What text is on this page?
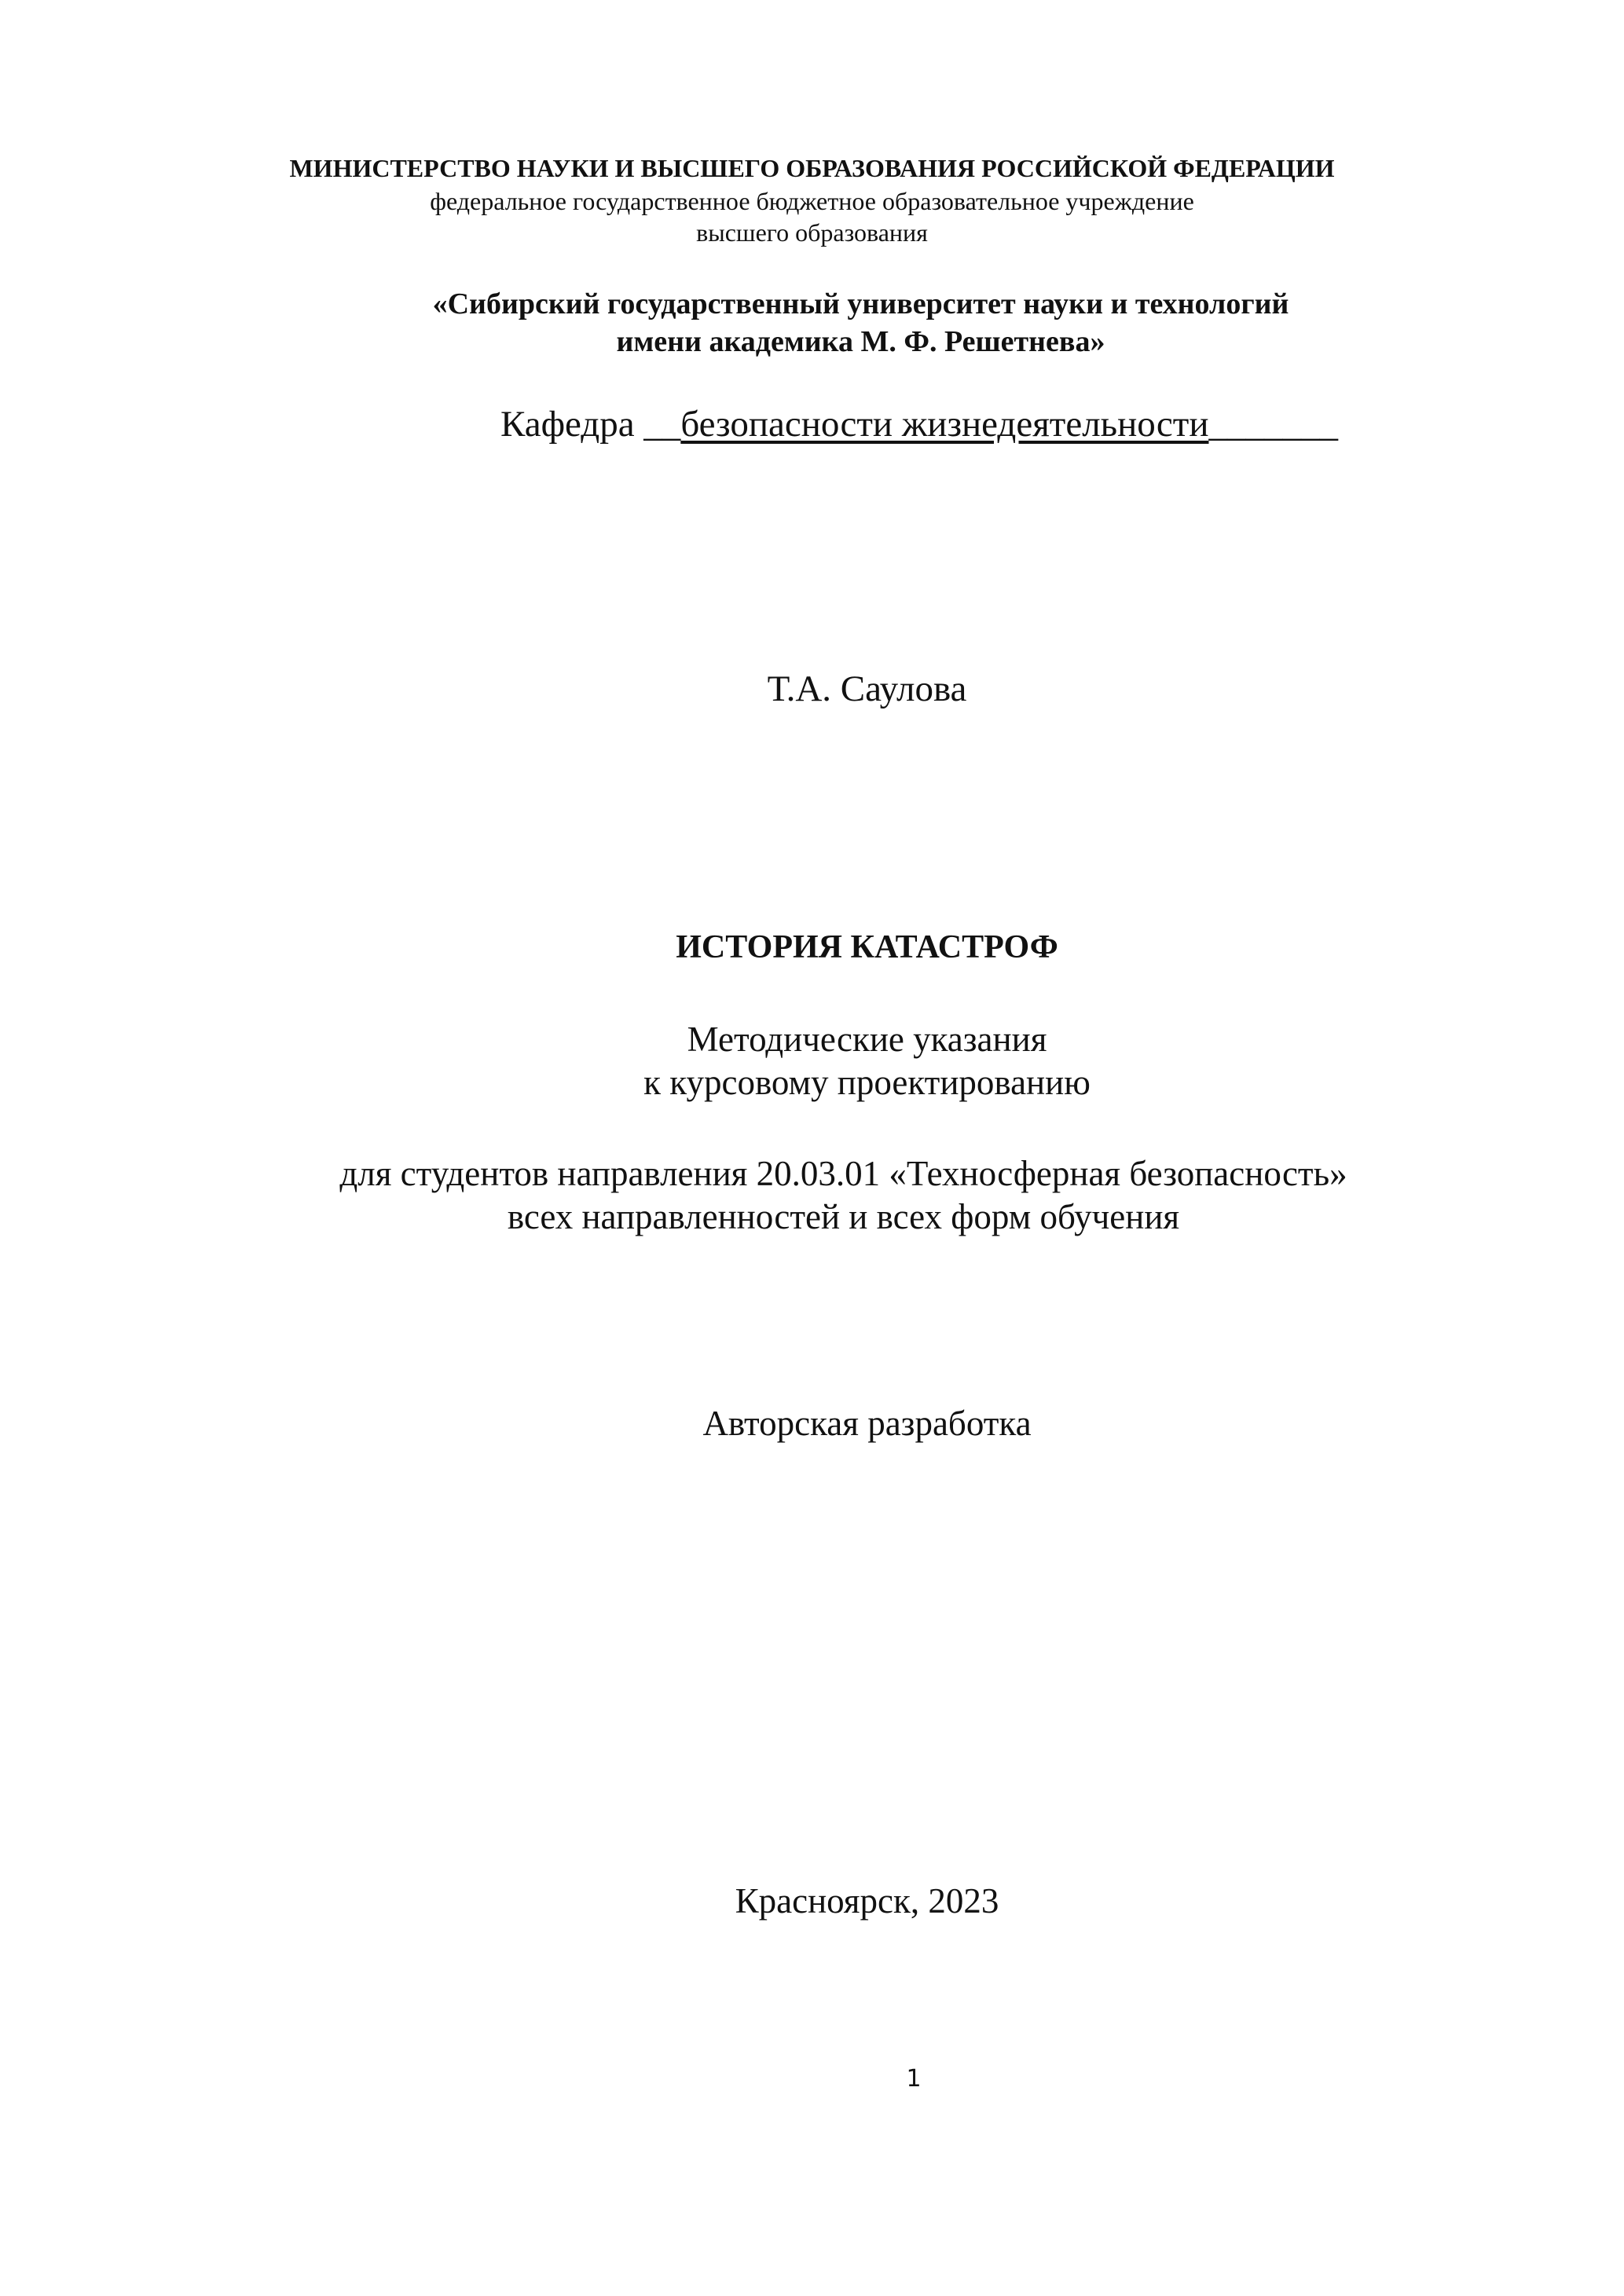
МИНИСТЕРСТВО НАУКИ И ВЫСШЕГО ОБРАЗОВАНИЯ РОССИЙСКОЙ ФЕДЕРАЦИИ
федеральное государственное бюджетное образовательное учреждение
высшего образования
«Сибирский государственный университет науки и технологий
имени академика М. Ф. Решетнева»
Кафедра __безопасности жизнедеятельности_______
Т.А. Саулова
ИСТОРИЯ КАТАСТРОФ
Методические указания
к курсовому проектированию
для студентов направления 20.03.01 «Техносферная безопасность»
всех направленностей и всех форм обучения
Авторская разработка
Красноярск, 2023
1
